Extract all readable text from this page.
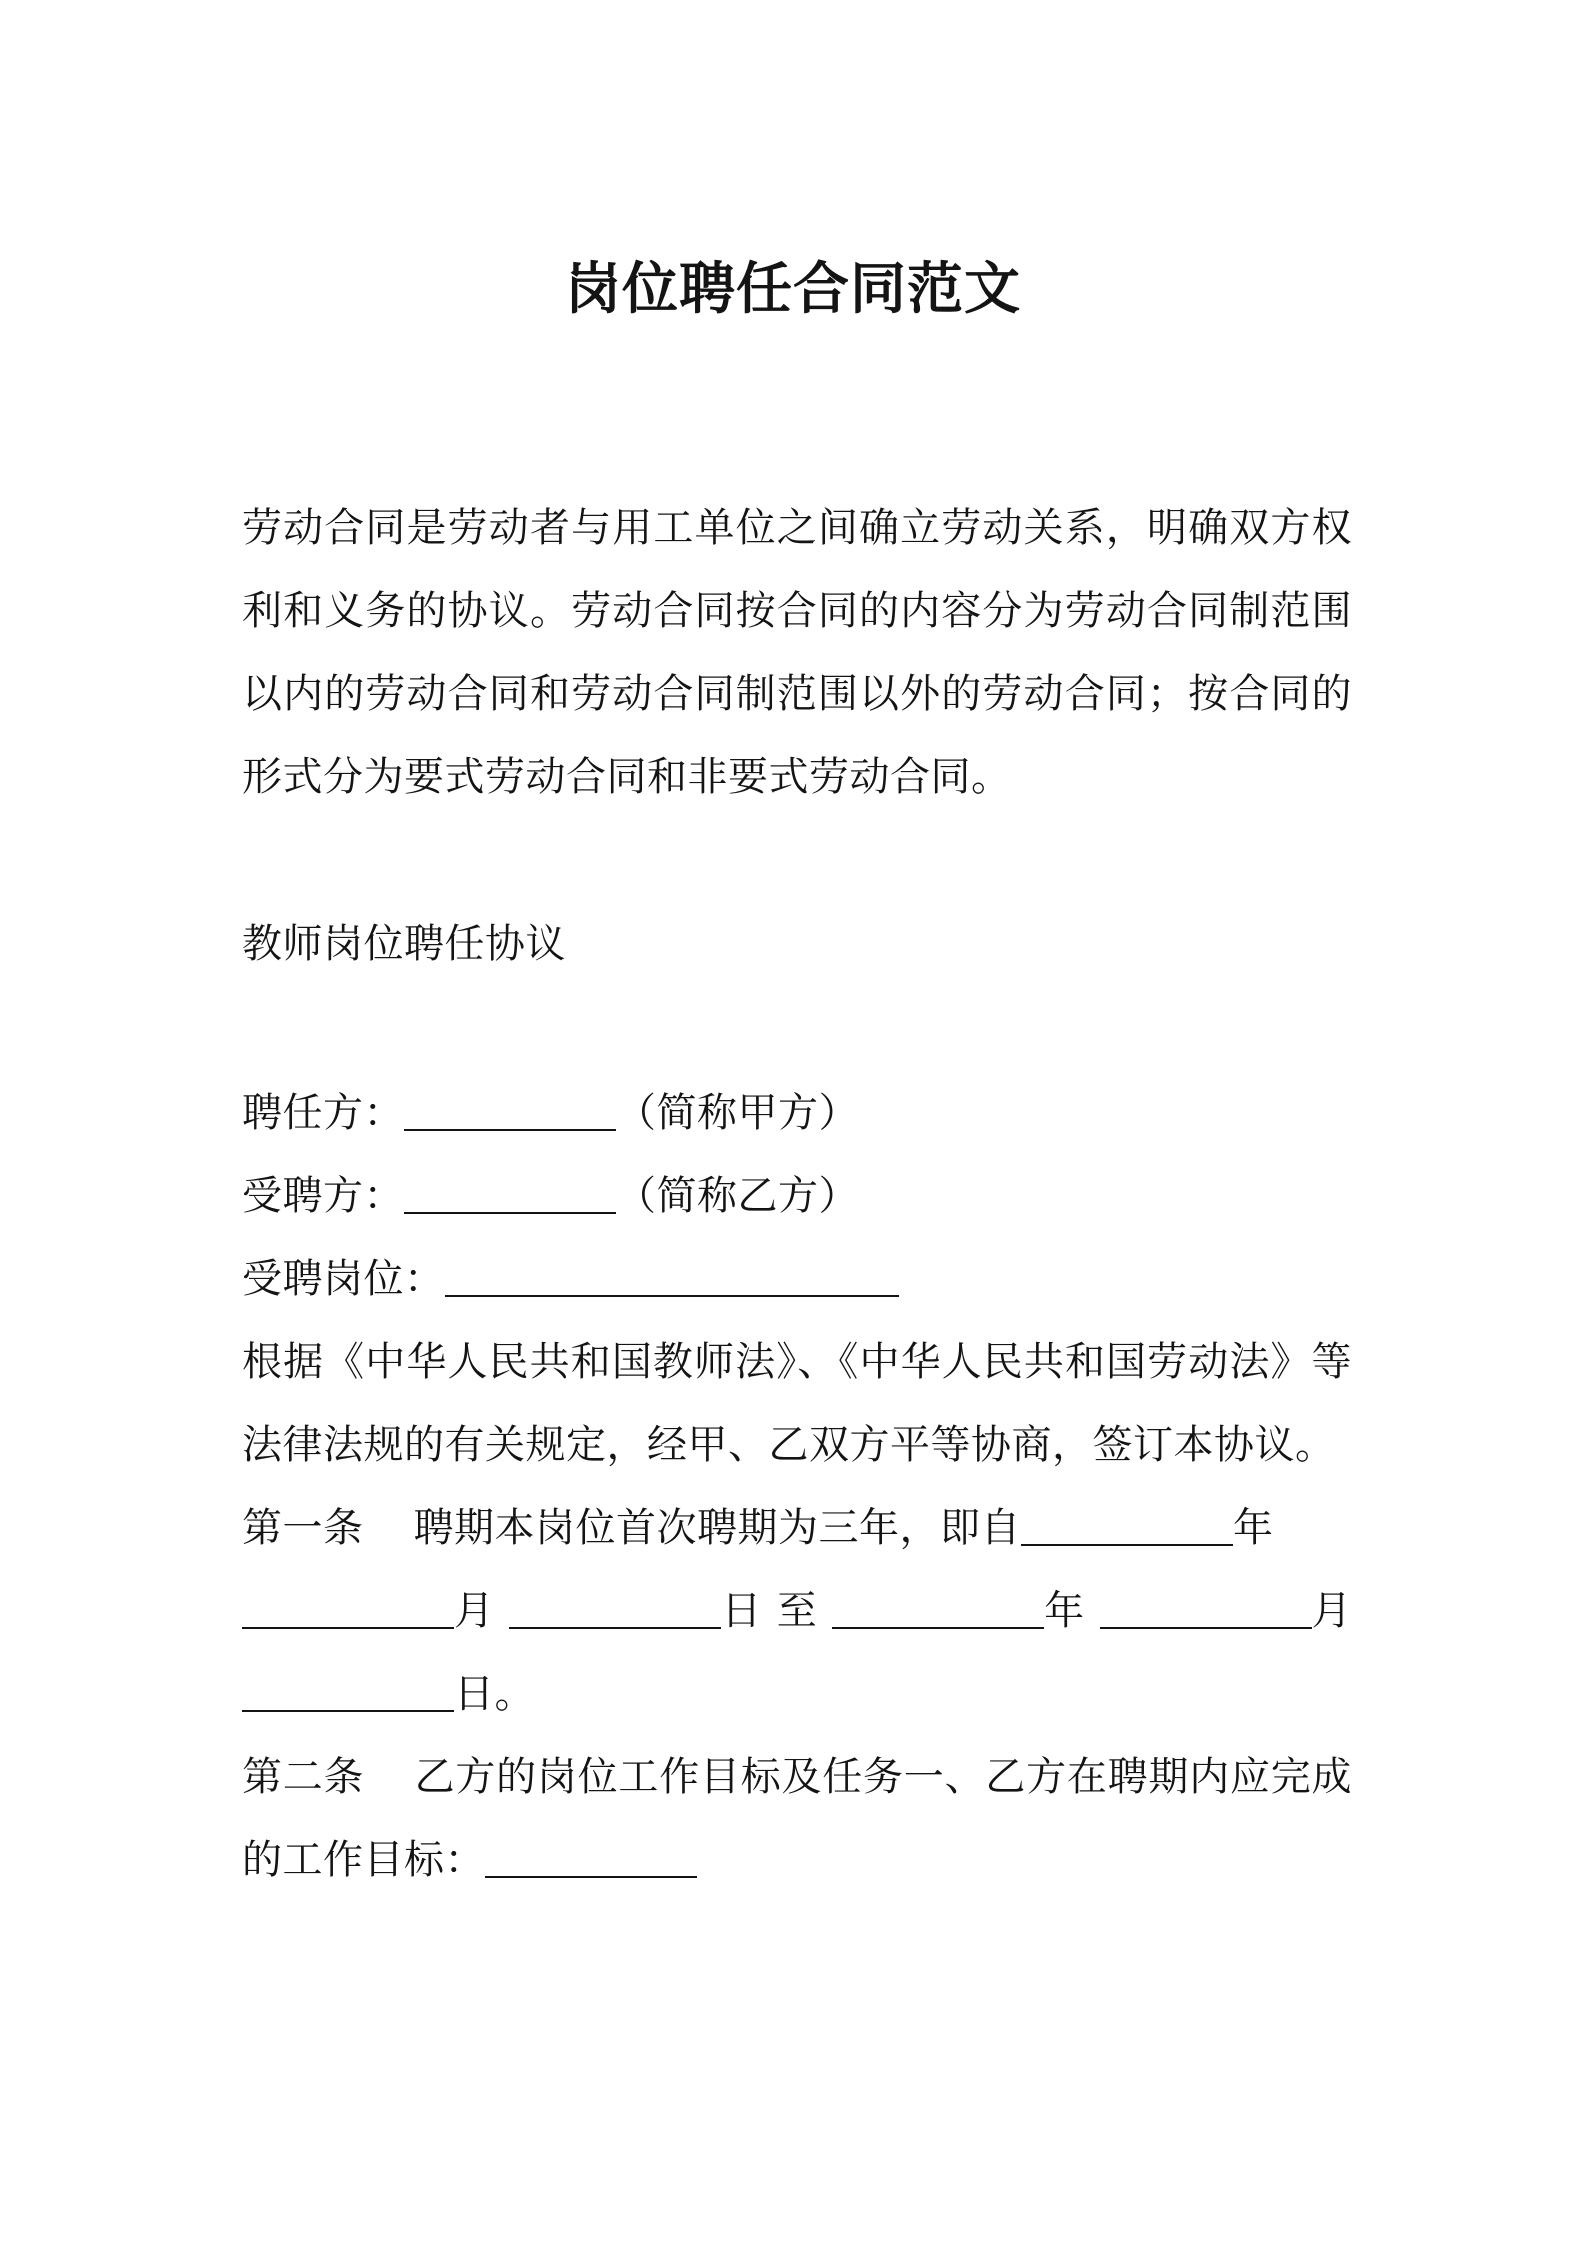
岗位聘任合同范文

劳动合同是劳动者与用工单位之间确立劳动关系，明确双方权利和义务的协议。劳动合同按合同的内容分为劳动合同制范围以内的劳动合同和劳动合同制范围以外的劳动合同；按合同的形式分为要式劳动合同和非要式劳动合同。

教师岗位聘任协议

聘任方：	（简称甲方）
受聘方：	（简称乙方）
受聘岗位：

根据《中华人民共和国教师法》、《中华人民共和国劳动法》等法律法规的有关规定，经甲、乙双方平等协商，签订本协议。

第一条 聘期本岗位首次聘期为三年，即自	年
月	日 至	年	月
日。
第二条 乙方的岗位工作目标及任务一、乙方在聘期内应完成的工作目标：
